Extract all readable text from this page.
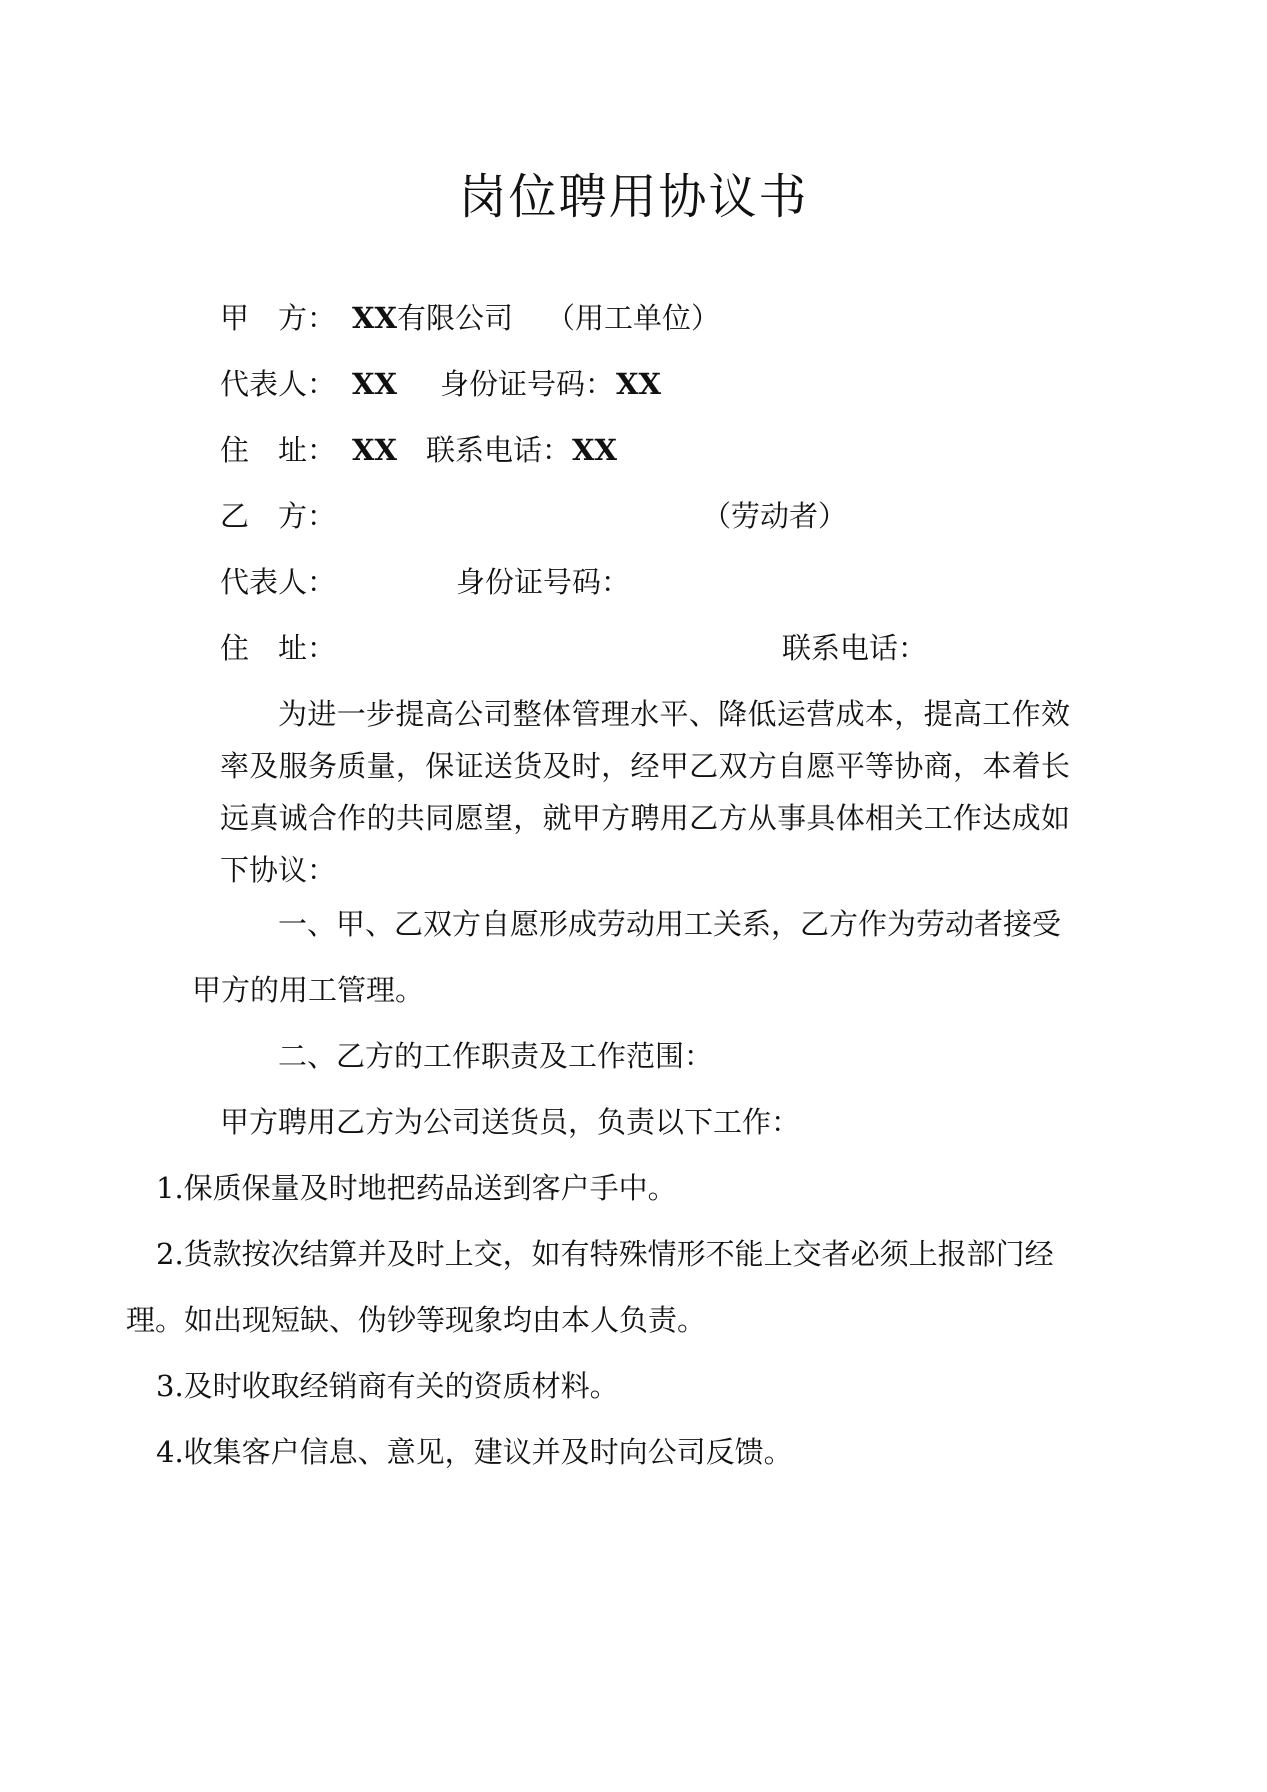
岗位聘用协议书
甲　方： XX有限公司 （用工单位）
代表人： XX 身份证号码： XX
住　址： XX 联系电话： XX
乙　方：	（劳动者）
代表人：	身份证号码：
住　址：	联系电话：

为进一步提高公司整体管理水平、降低运营成本，提高工作效率及服务质量，保证送货及时，经甲乙双方自愿平等协商，本着长远真诚合作的共同愿望，就甲方聘用乙方从事具体相关工作达成如下协议：

一、甲、乙双方自愿形成劳动用工关系，乙方作为劳动者接受
甲方的用工管理。
二、乙方的工作职责及工作范围：
甲方聘用乙方为公司送货员，负责以下工作：
1.保质保量及时地把药品送到客户手中。
2.货款按次结算并及时上交，如有特殊情形不能上交者必须上报部门经
理。如出现短缺、伪钞等现象均由本人负责。
3.及时收取经销商有关的资质材料。
4.收集客户信息、意见，建议并及时向公司反馈。
